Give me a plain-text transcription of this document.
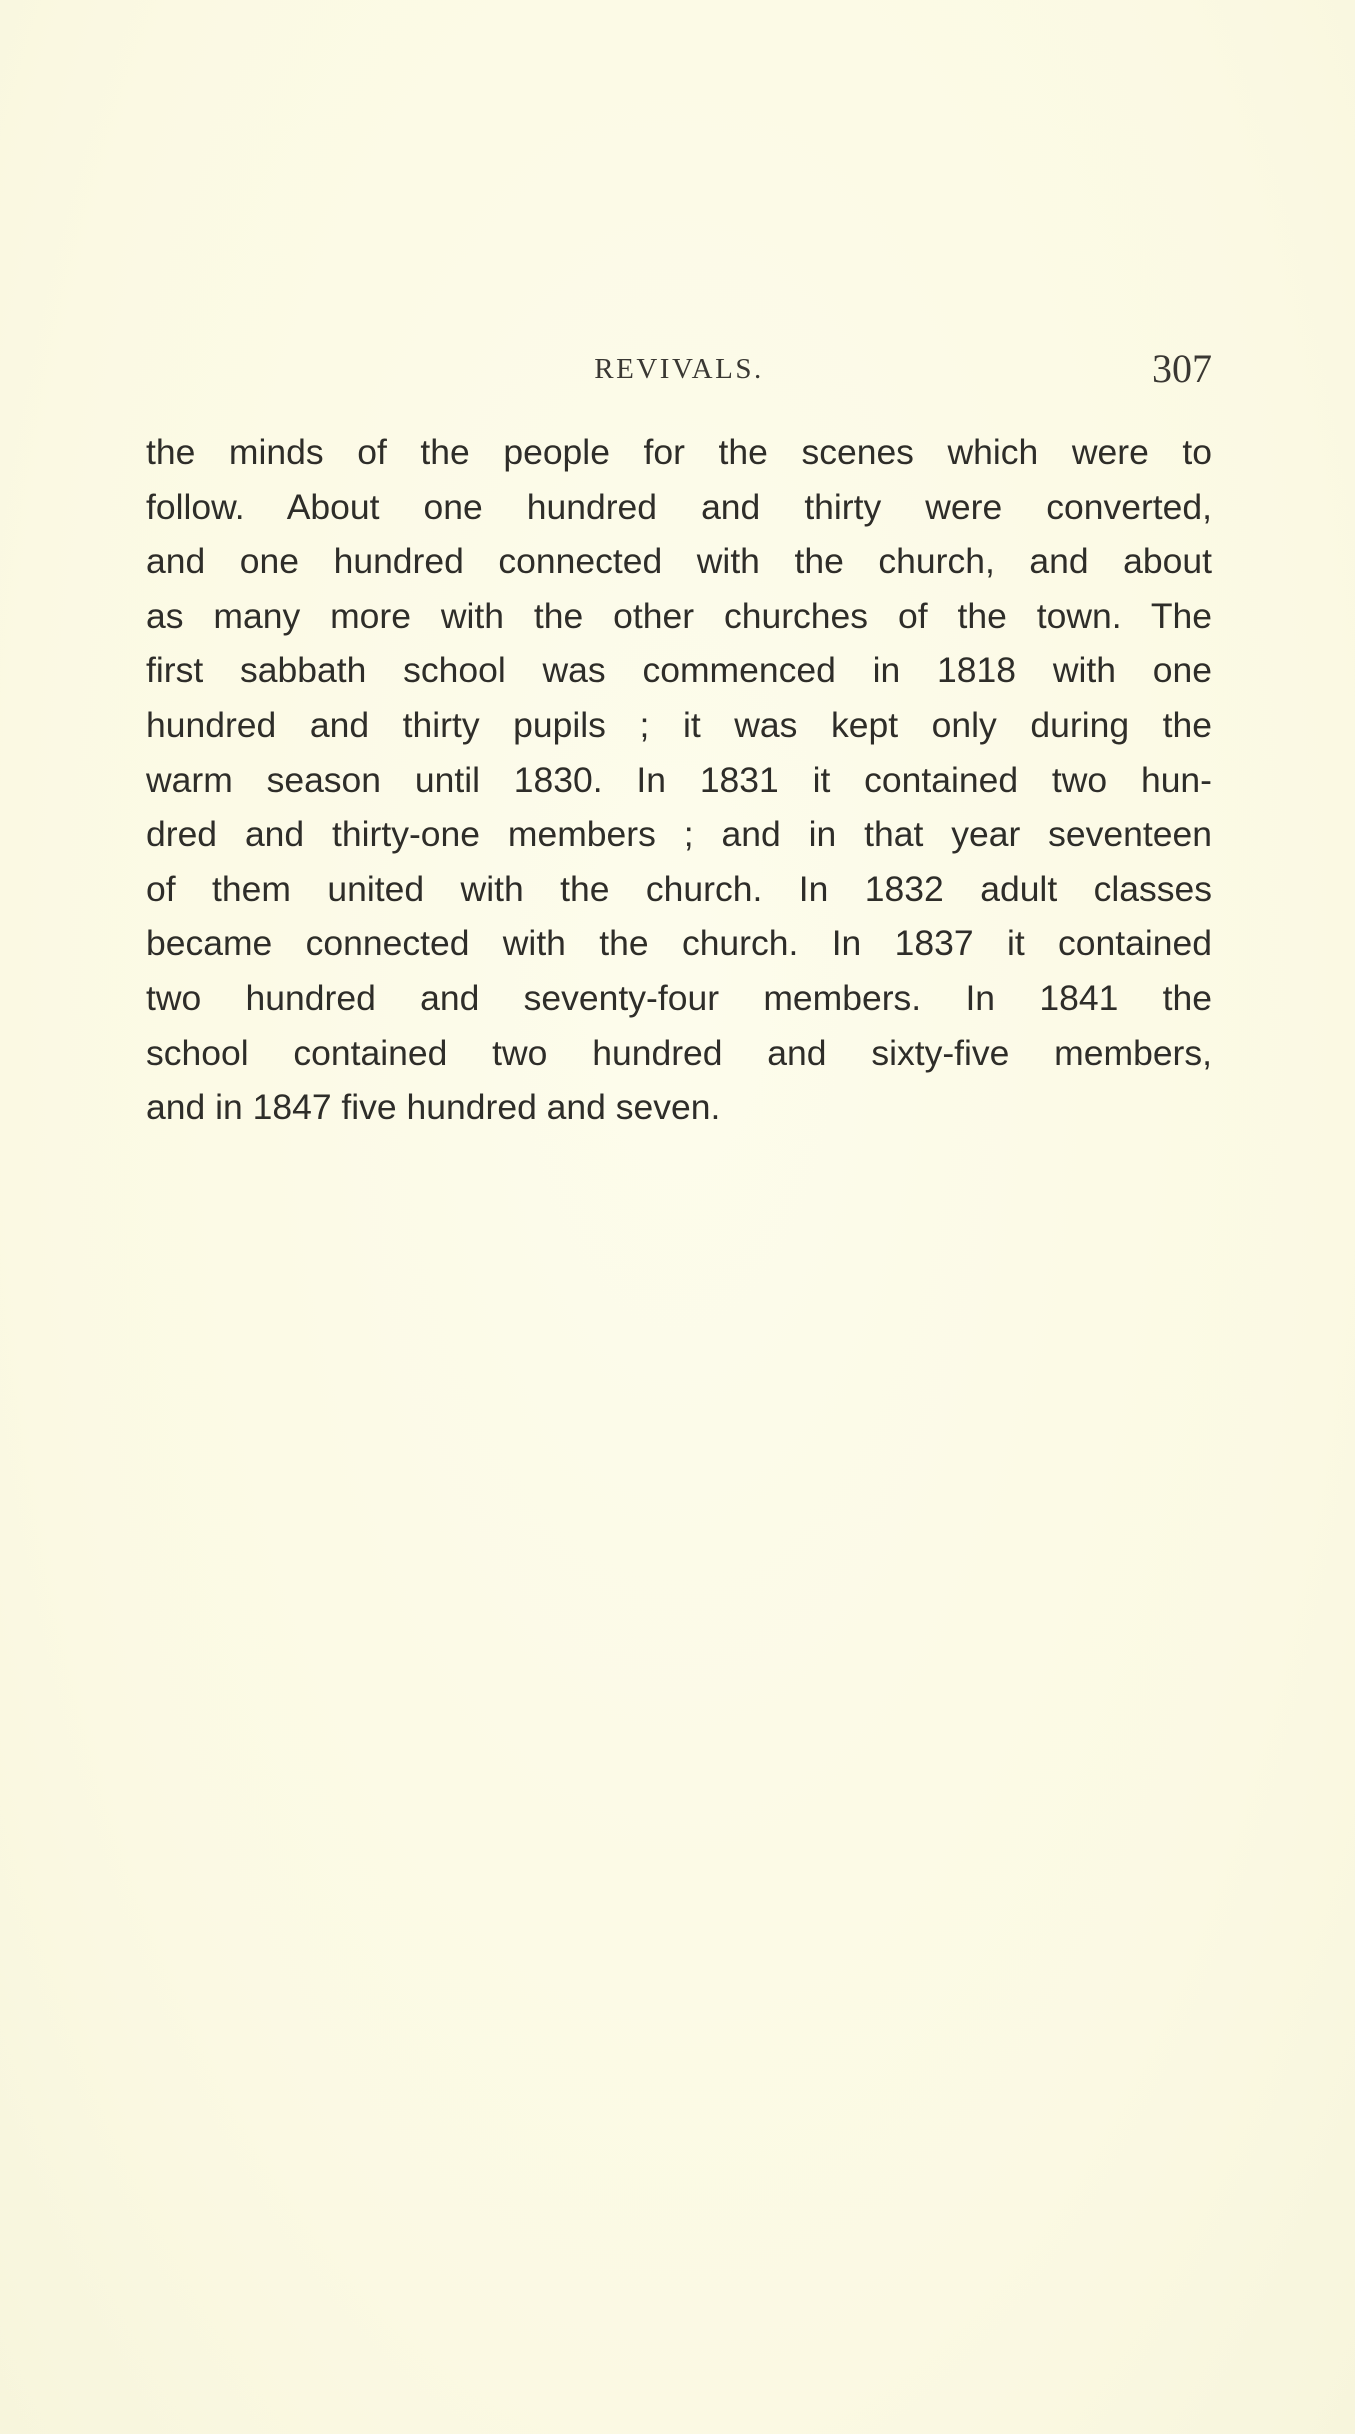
REVIVALS.	307
the minds of the people for the scenes which were to
follow. About one hundred and thirty were converted,
and one hundred connected with the church, and about
as many more with the other churches of the town. The
first sabbath school was commenced in 1818 with one
hundred and thirty pupils ; it was kept only during the
warm season until 1830. In 1831 it contained two hun-
dred and thirty-one members ; and in that year seventeen
of them united with the church. In 1832 adult classes
became connected with the church. In 1837 it contained
two hundred and seventy-four members. In 1841 the
school contained two hundred and sixty-five members,
and in 1847 five hundred and seven.
